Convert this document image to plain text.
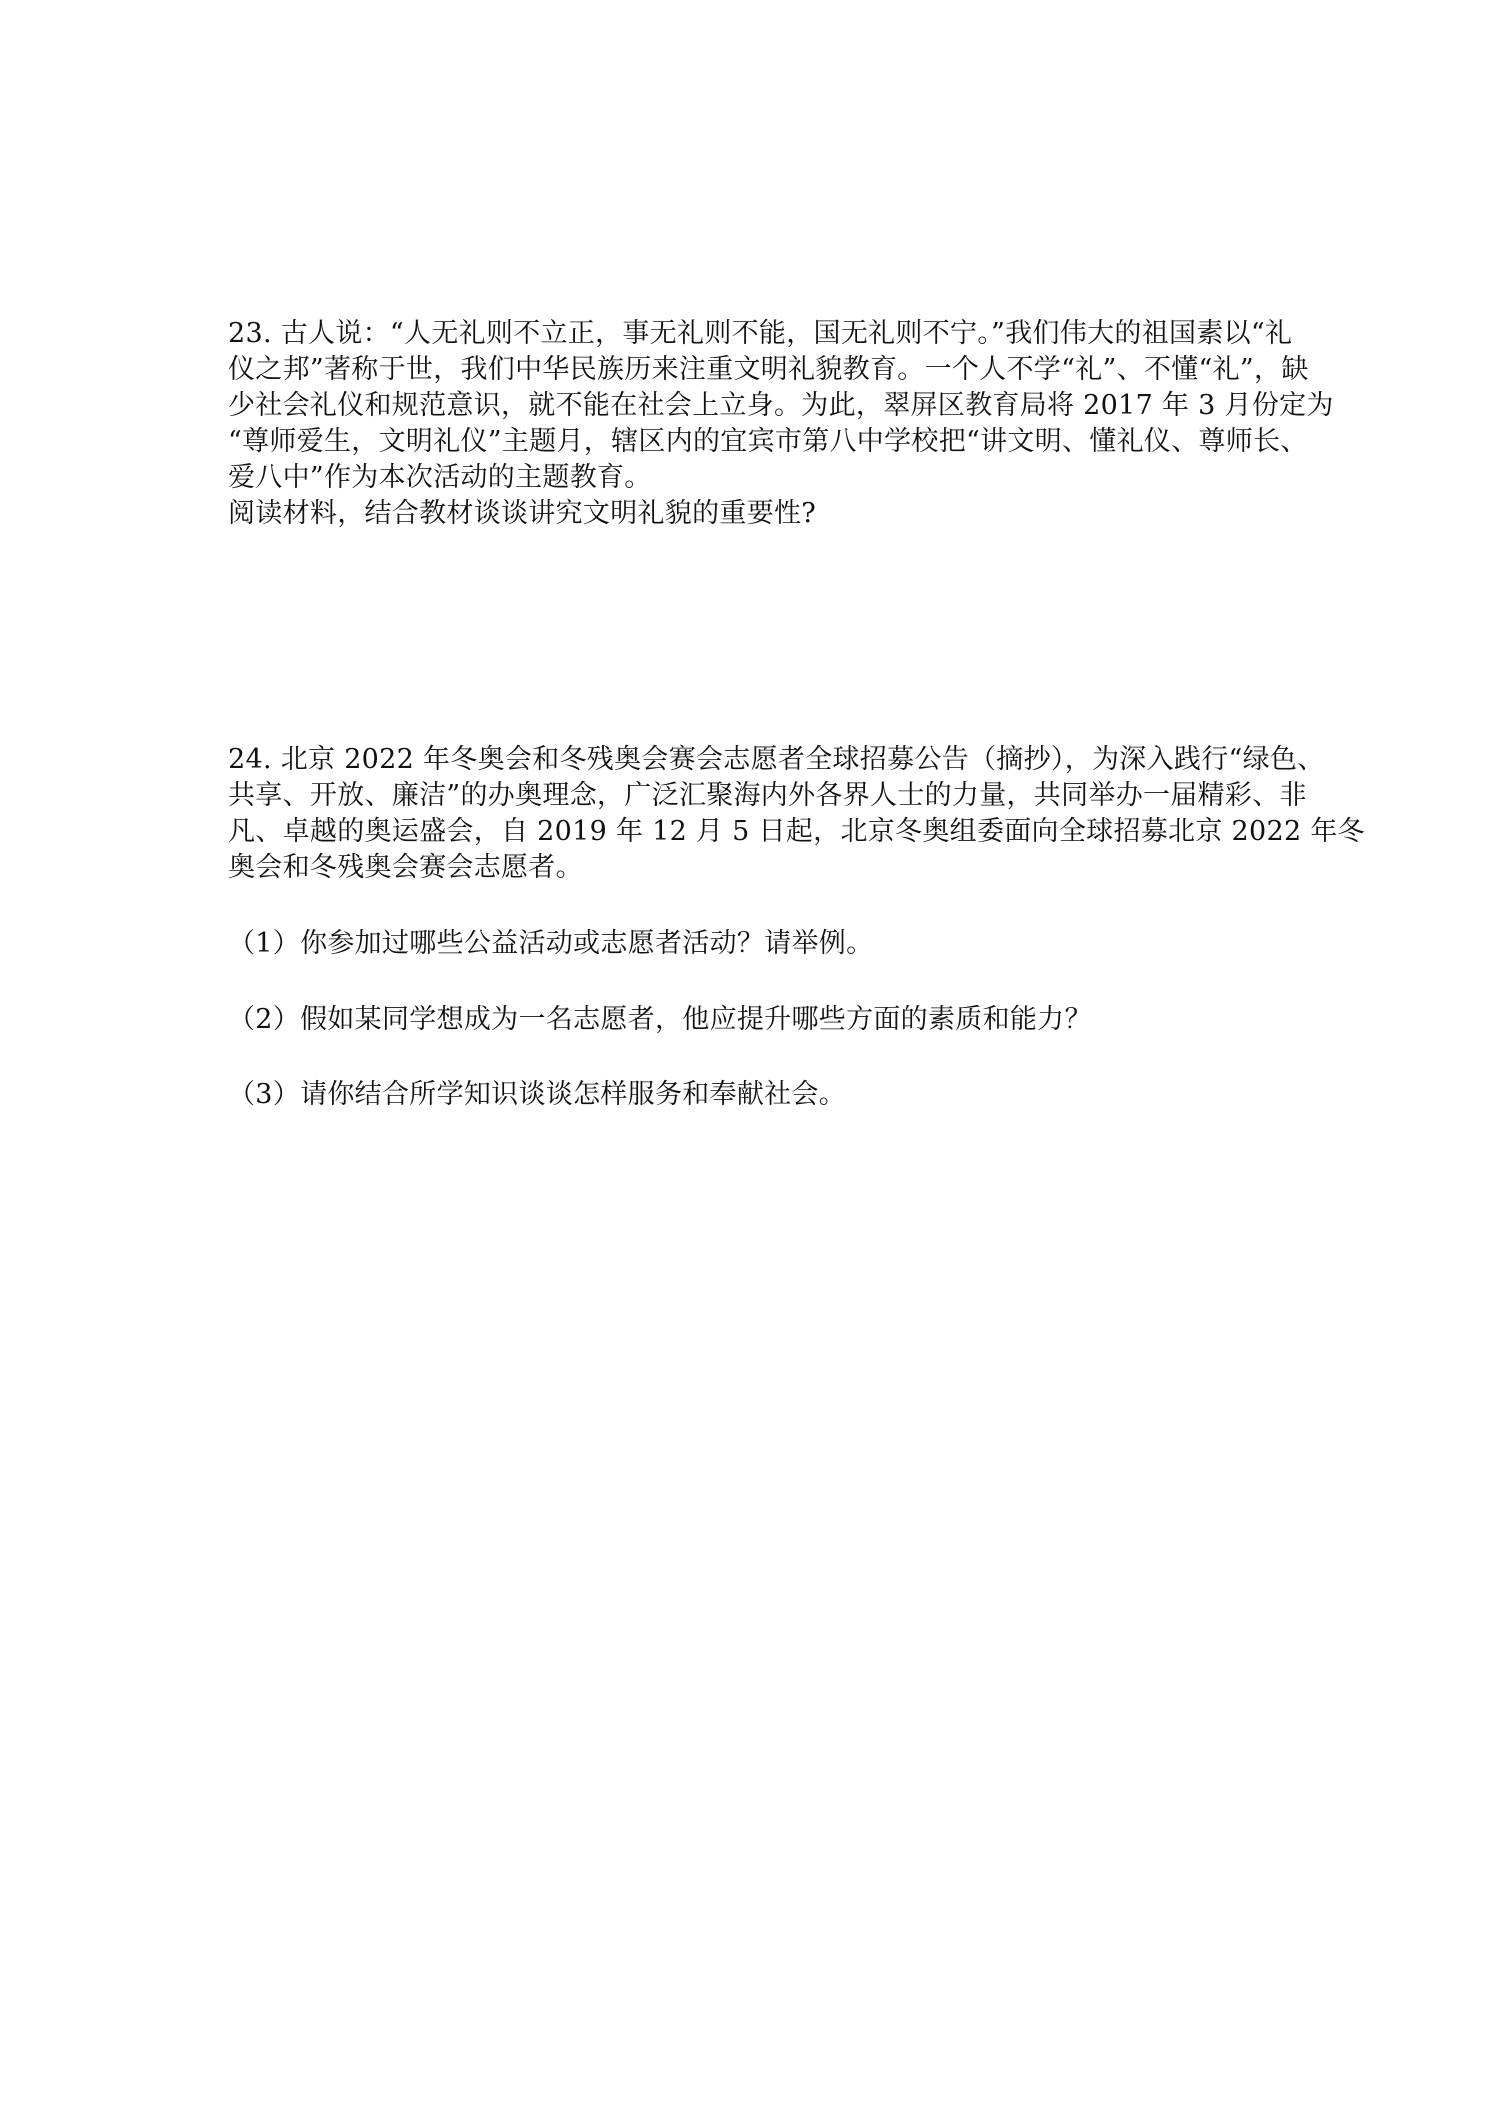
23. 古人说：“人无礼则不立正，事无礼则不能，国无礼则不宁。”我们伟大的祖国素以“礼
仪之邦”著称于世，我们中华民族历来注重文明礼貌教育。一个人不学“礼”、不懂“礼”，缺
少社会礼仪和规范意识，就不能在社会上立身。为此，翠屏区教育局将 2017 年 3 月份定为
“尊师爱生，文明礼仪”主题月，辖区内的宜宾市第八中学校把“讲文明、懂礼仪、尊师长、
爱八中”作为本次活动的主题教育。
阅读材料，结合教材谈谈讲究文明礼貌的重要性?
24. 北京 2022 年冬奥会和冬残奥会赛会志愿者全球招募公告（摘抄），为深入践行“绿色、
共享、开放、廉洁”的办奥理念，广泛汇聚海内外各界人士的力量，共同举办一届精彩、非
凡、卓越的奥运盛会，自 2019 年 12 月 5 日起，北京冬奥组委面向全球招募北京 2022 年冬
奥会和冬残奥会赛会志愿者。
（1）你参加过哪些公益活动或志愿者活动？请举例。
（2）假如某同学想成为一名志愿者，他应提升哪些方面的素质和能力？
（3）请你结合所学知识谈谈怎样服务和奉献社会。
